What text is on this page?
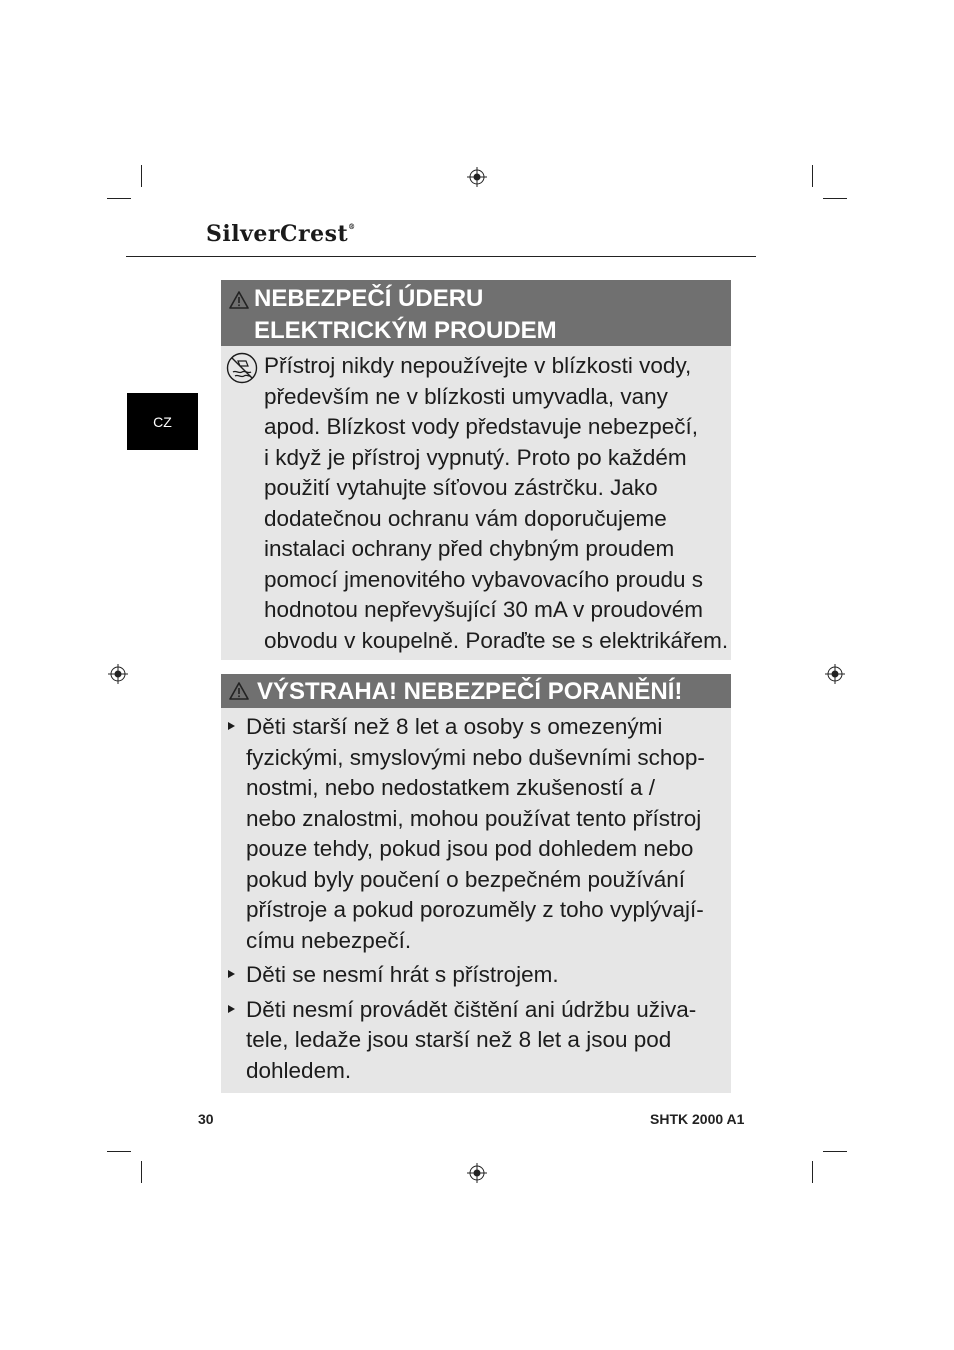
SilverCrest®
CZ
NEBEZPEČÍ ÚDERU
ELEKTRICKÝM PROUDEM
Přístroj nikdy nepoužívejte v blízkosti vody,
především ne v blízkosti umyvadla, vany
apod. Blízkost vody představuje nebezpečí,
i když je přístroj vypnutý. Proto po každém
použití vytahujte síťovou zástrčku. Jako
dodatečnou ochranu vám doporučujeme
instalaci ochrany před chybným proudem
pomocí jmenovitého vybavovacího proudu s
hodnotou nepřevyšující 30 mA v proudovém
obvodu v koupelně. Poraďte se s elektrikářem.
VÝSTRAHA! NEBEZPEČÍ PORANĚNÍ!
Děti starší než 8 let a osoby s omezenými
fyzickými, smyslovými nebo duševními schop-
nostmi, nebo nedostatkem zkušeností a /
nebo znalostmi, mohou používat tento přístroj
pouze tehdy, pokud jsou pod dohledem nebo
pokud byly poučení o bezpečném používání
přístroje a pokud porozuměly z toho vyplývají-
címu nebezpečí.
Děti se nesmí hrát s přístrojem.
Děti nesmí provádět čištění ani údržbu uživa-
tele, ledaže jsou starší než 8 let a jsou pod
dohledem.
30	SHTK 2000 A1
